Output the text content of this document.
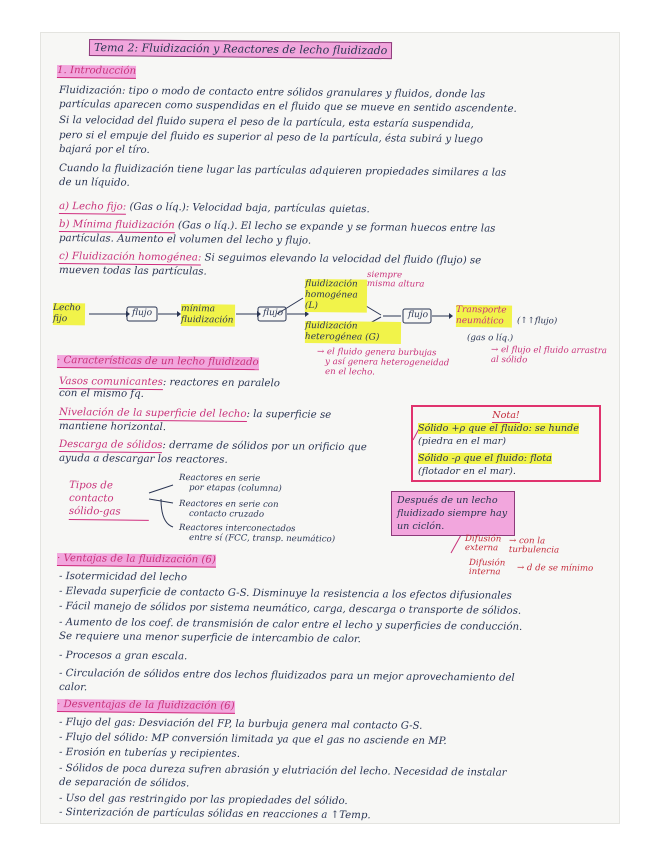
Tema 2: Fluidización y Reactores de lecho fluidizado
1. Introducción
Fluidización: tipo o modo de contacto entre sólidos granulares y fluidos, donde las
partículas aparecen como suspendidas en el fluido que se mueve en sentido ascendente.
Si la velocidad del fluido supera el peso de la partícula, esta estaría suspendida,
pero si el empuje del fluido es superior al peso de la partícula, ésta subirá y luego
bajará por el tíro.
Cuando la fluidización tiene lugar las partículas adquieren propiedades similares a las
de un líquido.
a) Lecho fijo: (Gas o líq.): Velocidad baja, partículas quietas.
b) Mínima fluidización (Gas o líq.). El lecho se expande y se forman huecos entre las
partículas. Aumento el volumen del lecho y flujo.
c) Fluidización homogénea: Si seguimos elevando la velocidad del fluido (flujo) se
mueven todas las partículas.
Lecho fijo
flujo	mínima fluidización
flujo
fluidización homogénea (L)
siempre misma altura
fluidización heterogénea (G)
→ el fluido genera burbujas
y así genera heterogeneidad
en el lecho.
flujo	Transporte neumático	(↑↑flujo)
(gas o líq.)
→ el flujo el fluido arrastra al sólido
· Características de un lecho fluidizado
Vasos comunicantes: reactores en paralelo
con el mismo fq.
Nivelación de la superficie del lecho: la superficie se
mantiene horizontal.
Descarga de sólidos: derrame de sólidos por un orificio que
ayuda a descargar los reactores.
Nota!
Sólido +ρ que el fluido: se hunde
(piedra en el mar)
Sólido -ρ que el fluido: flota
(flotador en el mar).
Tipos de contacto sólido-gas
Reactores en serie
por etapas (columna)
Reactores en serie con
contacto cruzado
Reactores interconectados
entre sí (FCC, transp. neumático)
Después de un lecho fluidizado siempre hay un ciclón.
Difusión externa
→ con la turbulencia
Difusión interna	→ d de se mínimo
· Ventajas de la fluidización (6)
- Isotermicidad del lecho
- Elevada superficie de contacto G-S. Disminuye la resistencia a los efectos difusionales
- Fácil manejo de sólidos por sistema neumático, carga, descarga o transporte de sólidos.
- Aumento de los coef. de transmisión de calor entre el lecho y superficies de conducción.
Se requiere una menor superficie de intercambio de calor.
- Procesos a gran escala.
- Circulación de sólidos entre dos lechos fluidizados para un mejor aprovechamiento del
calor.
· Desventajas de la fluidización (6)
- Flujo del gas: Desviación del FP, la burbuja genera mal contacto G-S.
- Flujo del sólido: MP conversión limitada ya que el gas no asciende en MP.
- Erosión en tuberías y recipientes.
- Sólidos de poca dureza sufren abrasión y elutriación del lecho. Necesidad de instalar
de separación de sólidos.
- Uso del gas restringido por las propiedades del sólido.
- Sinterización de partículas sólidas en reacciones a ↑Temp.
